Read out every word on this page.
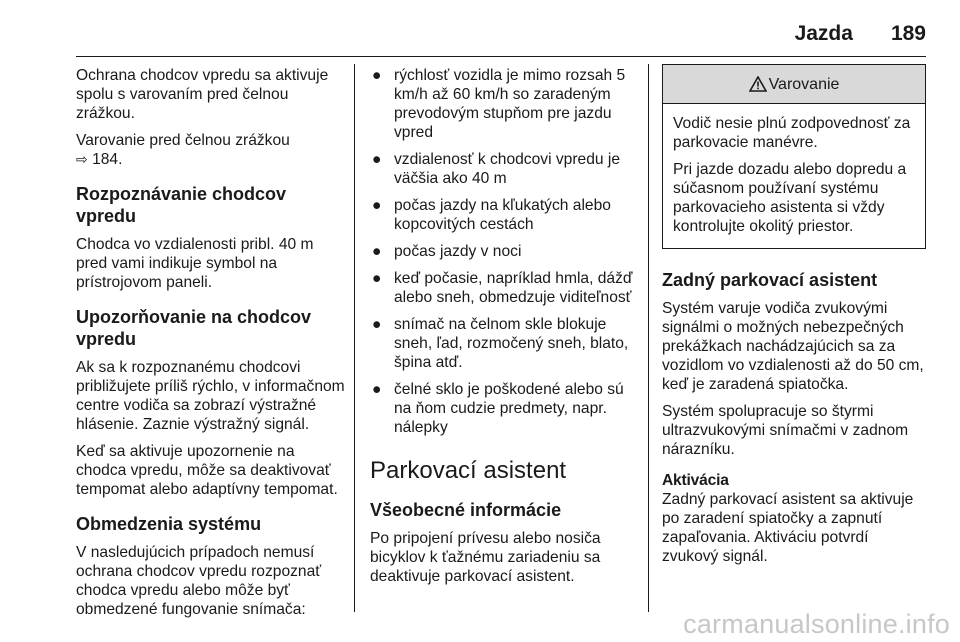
Jazda 189

Ochrana chodcov vpredu sa aktivuje spolu s varovaním pred čelnou zrážkou.

Varovanie pred čelnou zrážkou
⇨ 184.

Rozpoznávanie chodcov vpredu

Chodca vo vzdialenosti pribl. 40 m pred vami indikuje symbol na prístrojovom paneli.

Upozorňovanie na chodcov vpredu

Ak sa k rozpoznanému chodcovi približujete príliš rýchlo, v informačnom centre vodiča sa zobrazí výstražné hlásenie. Zaznie výstražný signál.

Keď sa aktivuje upozornenie na chodca vpredu, môže sa deaktivovať tempomat alebo adaptívny tempomat.

Obmedzenia systému

V nasledujúcich prípadoch nemusí ochrana chodcov vpredu rozpoznať chodca vpredu alebo môže byť obmedzené fungovanie snímača:

● rýchlosť vozidla je mimo rozsah 5 km/h až 60 km/h so zaradeným prevodovým stupňom pre jazdu vpred
● vzdialenosť k chodcovi vpredu je väčšia ako 40 m
● počas jazdy na kľukatých alebo kopcovitých cestách
● počas jazdy v noci
● keď počasie, napríklad hmla, dážď alebo sneh, obmedzuje viditeľnosť
● snímač na čelnom skle blokuje sneh, ľad, rozmočený sneh, blato, špina atď.
● čelné sklo je poškodené alebo sú na ňom cudzie predmety, napr. nálepky
Parkovací asistent
Všeobecné informácie

Po pripojení prívesu alebo nosiča bicyklov k ťažnému zariadeniu sa deaktivuje parkovací asistent.

Varovanie

Vodič nesie plnú zodpovednosť za parkovacie manévre.

Pri jazde dozadu alebo dopredu a súčasnom používaní systému parkovacieho asistenta si vždy kontrolujte okolitý priestor.

Zadný parkovací asistent

Systém varuje vodiča zvukovými signálmi o možných nebezpečných prekážkach nachádzajúcich sa za vozidlom vo vzdialenosti až do 50 cm, keď je zaradená spiatočka.

Systém spolupracuje so štyrmi ultrazvukovými snímačmi v zadnom nárazníku.

Aktivácia

Zadný parkovací asistent sa aktivuje po zaradení spiatočky a zapnutí zapaľovania. Aktiváciu potvrdí zvukový signál.

carmanualsonline.info
